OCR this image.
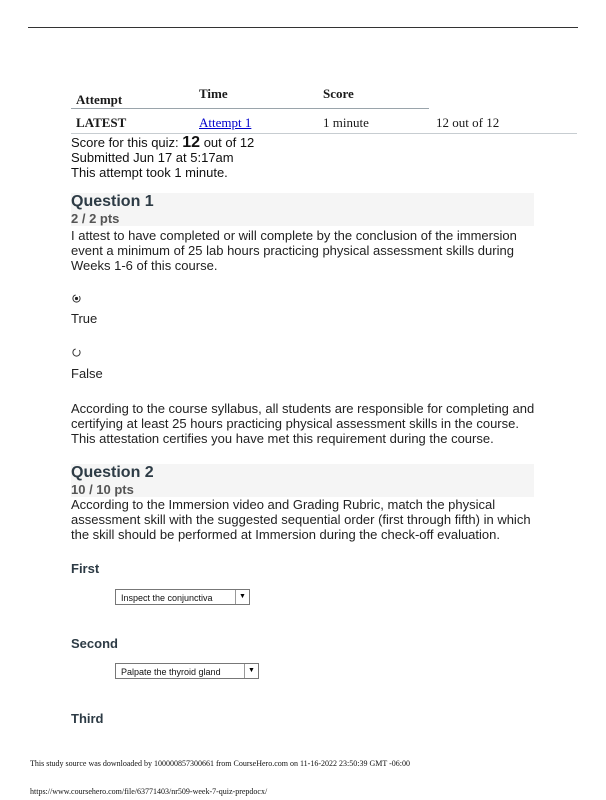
Attempt	Time	Score
LATEST	Attempt 1	1 minute	12 out of 12
Score for this quiz: 12 out of 12
Submitted Jun 17 at 5:17am
This attempt took 1 minute.
Question 1
2 / 2 pts
I attest to have completed or will complete by the conclusion of the immersion event a minimum of 25 lab hours practicing physical assessment skills during Weeks 1-6 of this course.
True
False
According to the course syllabus, all students are responsible for completing and certifying at least 25 hours practicing physical assessment skills in the course. This attestation certifies you have met this requirement during the course.
Question 2
10 / 10 pts
According to the Immersion video and Grading Rubric, match the physical assessment skill with the suggested sequential order (first through fifth) in which the skill should be performed at Immersion during the check-off evaluation.
First
Inspect the conjunctiva	▼
Second
Palpate the thyroid gland	▼
Third
This study source was downloaded by 100000857300661 from CourseHero.com on 11-16-2022 23:50:39 GMT -06:00
https://www.coursehero.com/file/63771403/nr509-week-7-quiz-prepdocx/
